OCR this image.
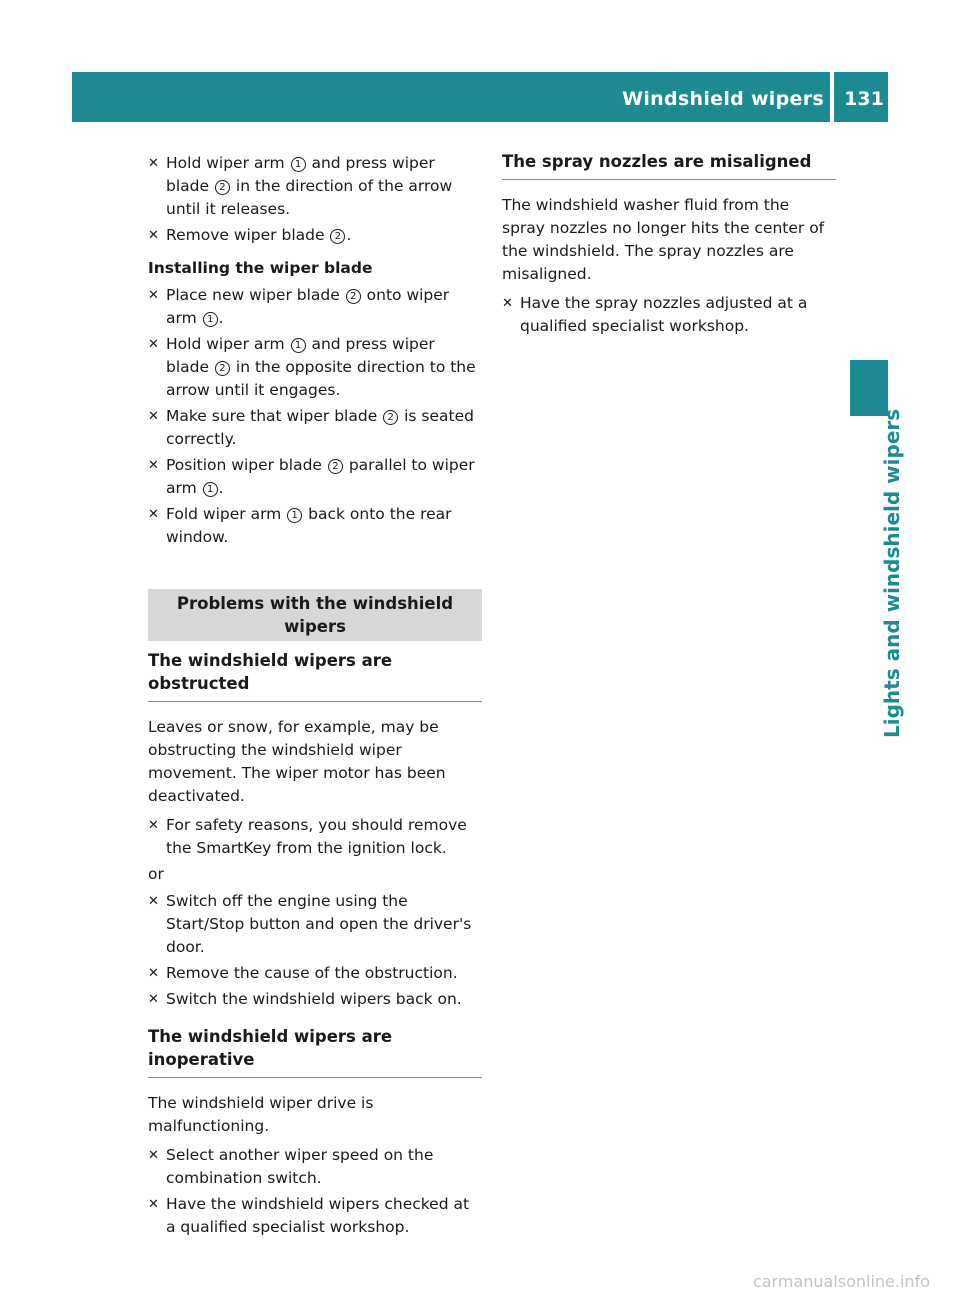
Windshield wipers 131
Lights and windshield wipers
✕ Hold wiper arm 1 and press wiper blade 2 in the direction of the arrow until it releases.
✕ Remove wiper blade 2 .
Installing the wiper blade
✕ Place new wiper blade 2 onto wiper arm 1 .
✕ Hold wiper arm 1 and press wiper blade 2 in the opposite direction to the arrow until it engages.
✕ Make sure that wiper blade 2 is seated correctly.
✕ Position wiper blade 2 parallel to wiper arm 1 .
✕ Fold wiper arm 1 back onto the rear window.
Problems with the windshield wipers
The windshield wipers are obstructed
Leaves or snow, for example, may be obstructing the windshield wiper movement. The wiper motor has been deactivated.
✕ For safety reasons, you should remove the SmartKey from the ignition lock.
or
✕ Switch off the engine using the Start/Stop button and open the driver's door.
✕ Remove the cause of the obstruction.
✕ Switch the windshield wipers back on.
The windshield wipers are inoperative
The windshield wiper drive is malfunctioning.
✕ Select another wiper speed on the combination switch.
✕ Have the windshield wipers checked at a qualified specialist workshop.
The spray nozzles are misaligned
The windshield washer fluid from the spray nozzles no longer hits the center of the windshield. The spray nozzles are misaligned.
✕ Have the spray nozzles adjusted at a qualified specialist workshop.
carmanualsonline.info
